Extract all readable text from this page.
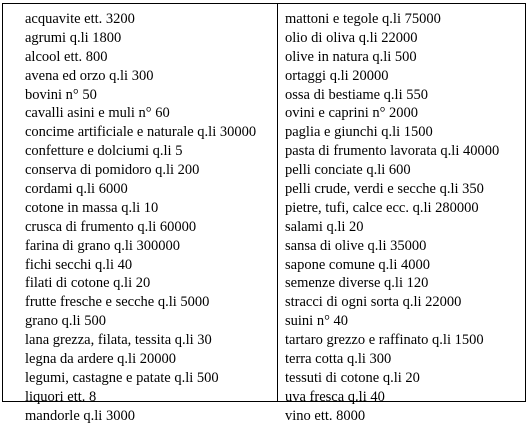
acquavite ett. 3200
agrumi q.li 1800
alcool ett. 800
avena ed orzo q.li 300
bovini n° 50
cavalli asini e muli n° 60
concime artificiale e naturale q.li 30000
confetture e dolciumi q.li 5
conserva di pomidoro q.li 200
cordami q.li 6000
cotone in massa q.li 10
crusca di frumento q.li 60000
farina di grano q.li 300000
fichi secchi q.li 40
filati di cotone q.li 20
frutte fresche e secche q.li 5000
grano q.li 500
lana grezza, filata, tessita q.li 30
legna da ardere q.li 20000
legumi, castagne e patate q.li 500
liquori ett. 8
mandorle q.li 3000
mattoni e tegole q.li 75000
olio di oliva q.li 22000
olive in natura q.li 500
ortaggi q.li 20000
ossa di bestiame q.li 550
ovini e caprini n° 2000
paglia e giunchi q.li 1500
pasta di frumento lavorata q.li 40000
pelli conciate q.li 600
pelli crude, verdi e secche q.li 350
pietre, tufi, calce ecc. q.li 280000
salami q.li 20
sansa di olive q.li 35000
sapone comune q.li 4000
semenze diverse q.li 120
stracci di ogni sorta q.li 22000
suini n° 40
tartaro grezzo e raffinato q.li 1500
terra cotta q.li 300
tessuti di cotone q.li 20
uva fresca q.li 40
vino ett. 8000
